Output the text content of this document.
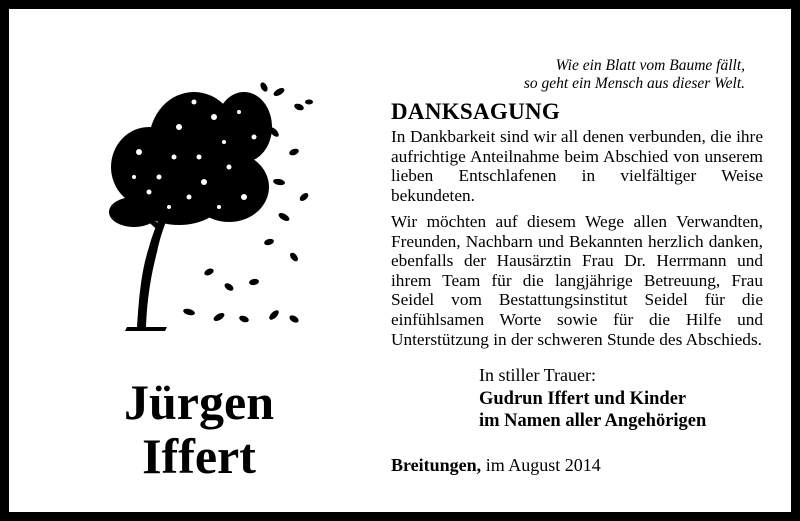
Jürgen
Iffert
Wie ein Blatt vom Baume fällt,
so geht ein Mensch aus dieser Welt.
DANKSAGUNG
In Dankbarkeit sind wir all denen verbunden, die ihre aufrichtige Anteilnahme beim Abschied von unserem lieben Entschlafenen in vielfältiger Weise bekundeten.
Wir möchten auf diesem Wege allen Verwandten, Freunden, Nachbarn und Bekannten herzlich danken, ebenfalls der Hausärztin Frau Dr. Herrmann und ihrem Team für die langjährige Betreuung, Frau Seidel vom Bestattungsinstitut Seidel für die einfühlsamen Worte sowie für die Hilfe und Unterstützung in der schweren Stunde des Abschieds.
In stiller Trauer:
Gudrun Iffert und Kinder
im Namen aller Angehörigen
Breitungen, im August 2014
